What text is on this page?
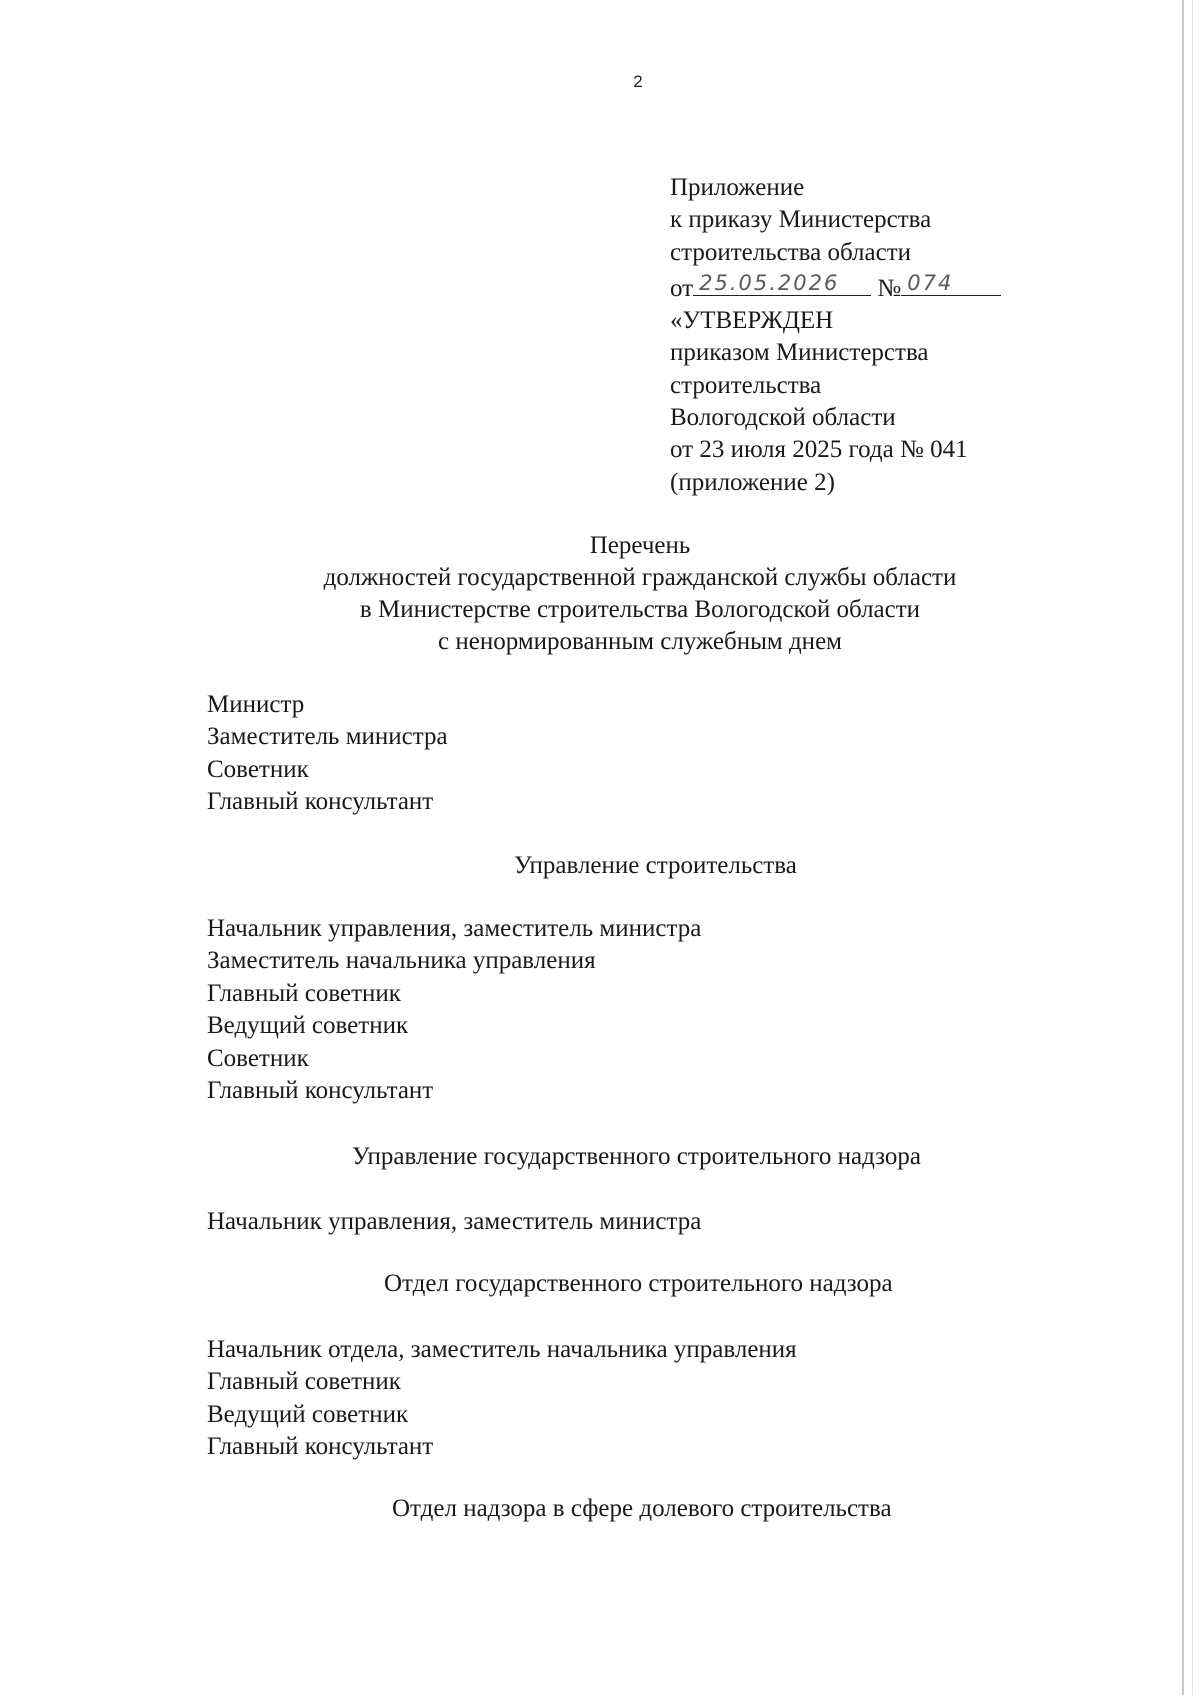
2
Приложение
к приказу Министерства
строительства области
от 25.05.2026 № 074
«УТВЕРЖДЕН
приказом Министерства
строительства
Вологодской области
от 23 июля 2025 года № 041
(приложение 2)
Перечень
должностей государственной гражданской службы области
в Министерстве строительства Вологодской области
с ненормированным служебным днем
Министр
Заместитель министра
Советник
Главный консультант
Управление строительства
Начальник управления, заместитель министра
Заместитель начальника управления
Главный советник
Ведущий советник
Советник
Главный консультант
Управление государственного строительного надзора
Начальник управления, заместитель министра
Отдел государственного строительного надзора
Начальник отдела, заместитель начальника управления
Главный советник
Ведущий советник
Главный консультант
Отдел надзора в сфере долевого строительства
